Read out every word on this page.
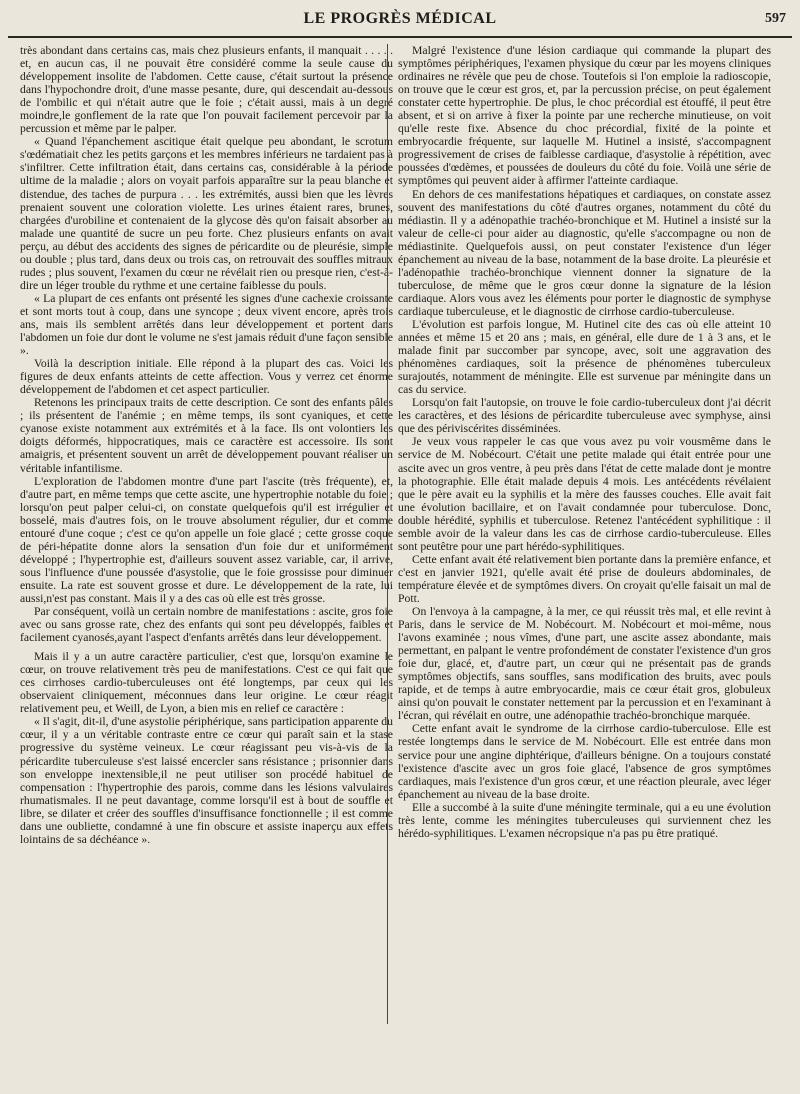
LE PROGRÈS MÉDICAL	597

très abondant dans certains cas, mais chez plusieurs enfants, il manquait . . . . . et, en aucun cas, il ne pouvait être considéré comme la seule cause du développement insolite de l'abdomen. Cette cause, c'était surtout la présence dans l'hypochondre droit, d'une masse pesante, dure, qui descendait au-dessous de l'ombilic et qui n'était autre que le foie ; c'était aussi, mais à un degré moindre,le gonflement de la rate que l'on pouvait facilement percevoir par la percussion et même par le palper.

« Quand l'épanchement ascitique était quelque peu abondant, le scrotum s'œdématiait chez les petits garçons et les membres inférieurs ne tardaient pas à s'infiltrer. Cette infiltration était, dans certains cas, considérable à la période ultime de la maladie ; alors on voyait parfois apparaître sur la peau blanche et distendue, des taches de purpura . . . les extrémités, aussi bien que les lèvres prenaient souvent une coloration violette. Les urines étaient rares, brunes, chargées d'urobiline et contenaient de la glycose dès qu'on faisait absorber au malade une quantité de sucre un peu forte. Chez plusieurs enfants on avait perçu, au début des accidents des signes de péricardite ou de pleurésie, simple ou double ; plus tard, dans deux ou trois cas, on retrouvait des souffles mitraux rudes ; plus souvent, l'examen du cœur ne révélait rien ou presque rien, c'est-à-dire un léger trouble du rythme et une certaine faiblesse du pouls.

« La plupart de ces enfants ont présenté les signes d'une cachexie croissante et sont morts tout à coup, dans une syncope ; deux vivent encore, après trois ans, mais ils semblent arrêtés dans leur développement et portent dans l'abdomen un foie dur dont le volume ne s'est jamais réduit d'une façon sensible ».

Voilà la description initiale. Elle répond à la plupart des cas. Voici les figures de deux enfants atteints de cette affection. Vous y verrez cet énorme développement de l'abdomen et cet aspect particulier.

Retenons les principaux traits de cette description. Ce sont des enfants pâles ; ils présentent de l'anémie ; en même temps, ils sont cyaniques, et cette cyanose existe notamment aux extrémités et à la face. Ils ont volontiers les doigts déformés, hippocratiques, mais ce caractère est accessoire. Ils sont amaigris, et présentent souvent un arrêt de développement pouvant réaliser un véritable infantilisme.

L'exploration de l'abdomen montre d'une part l'ascite (très fréquente), et, d'autre part, en même temps que cette ascite, une hypertrophie notable du foie ; lorsqu'on peut palper celui-ci, on constate quelquefois qu'il est irrégulier et bosselé, mais d'autres fois, on le trouve absolument régulier, dur et comme entouré d'une coque ; c'est ce qu'on appelle un foie glacé ; cette grosse coque de péri-hépatite donne alors la sensation d'un foie dur et uniformément développé ; l'hypertrophie est, d'ailleurs souvent assez variable, car, il arrive, sous l'influence d'une poussée d'asystolie, que le foie grossisse pour diminuer ensuite. La rate est souvent grosse et dure. Le développement de la rate, lui aussi,n'est pas constant. Mais il y a des cas où elle est très grosse.

Par conséquent, voilà un certain nombre de manifestations : ascite, gros foie avec ou sans grosse rate, chez des enfants qui sont peu développés, faibles et facilement cyanosés,ayant l'aspect d'enfants arrêtés dans leur développement.

Mais il y a un autre caractère particulier, c'est que, lorsqu'on examine le cœur, on trouve relativement très peu de manifestations. C'est ce qui fait que ces cirrhoses cardio-tuberculeuses ont été longtemps, par ceux qui les observaient cliniquement, méconnues dans leur origine. Le cœur réagit relativement peu, et Weill, de Lyon, a bien mis en relief ce caractère :

« Il s'agit, dit-il, d'une asystolie périphérique, sans participation apparente du cœur, il y a un véritable contraste entre ce cœur qui paraît sain et la stase progressive du système veineux. Le cœur réagissant peu vis-à-vis de la péricardite tuberculeuse s'est laissé encercler sans résistance ; prisonnier dans son enveloppe inextensible,il ne peut utiliser son procédé habituel de compensation : l'hypertrophie des parois, comme dans les lésions valvulaires rhumatismales. Il ne peut davantage, comme lorsqu'il est à bout de souffle et libre, se dilater et créer des souffles d'insuffisance fonctionnelle ; il est comme dans une oubliette, condamné à une fin obscure et assiste inaperçu aux effets lointains de sa déchéance ».

Malgré l'existence d'une lésion cardiaque qui commande la plupart des symptômes périphériques, l'examen physique du cœur par les moyens cliniques ordinaires ne révèle que peu de chose. Toutefois si l'on emploie la radioscopie, on trouve que le cœur est gros, et, par la percussion précise, on peut également constater cette hypertrophie. De plus, le choc précordial est étouffé, il peut être absent, et si on arrive à fixer la pointe par une recherche minutieuse, on voit qu'elle reste fixe. Absence du choc précordial, fixité de la pointe et embryocardie fréquente, sur laquelle M. Hutinel a insisté, s'accompagnent progressivement de crises de faiblesse cardiaque, d'asystolie à répétition, avec poussées d'œdèmes, et poussées de douleurs du côté du foie. Voilà une série de symptômes qui peuvent aider à affirmer l'atteinte cardiaque.

En dehors de ces manifestations hépatiques et cardiaques, on constate assez souvent des manifestations du côté d'autres organes, notamment du côté du médiastin. Il y a adénopathie trachéo-bronchique et M. Hutinel a insisté sur la valeur de celle-ci pour aider au diagnostic, qu'elle s'accompagne ou non de médiastinite. Quelquefois aussi, on peut constater l'existence d'un léger épanchement au niveau de la base, notamment de la base droite. La pleurésie et l'adénopathie trachéo-bronchique viennent donner la signature de la tuberculose, de même que le gros cœur donne la signature de la lésion cardiaque. Alors vous avez les éléments pour porter le diagnostic de symphyse cardiaque tuberculeuse, et le diagnostic de cirrhose cardio-tuberculeuse.

L'évolution est parfois longue, M. Hutinel cite des cas où elle atteint 10 années et même 15 et 20 ans ; mais, en général, elle dure de 1 à 3 ans, et le malade finit par succomber par syncope, avec, soit une aggravation des phénomènes cardiaques, soit la présence de phénomènes tuberculeux surajoutés, notamment de méningite. Elle est survenue par méningite dans un cas du service.

Lorsqu'on fait l'autopsie, on trouve le foie cardio-tuberculeux dont j'ai décrit les caractères, et des lésions de péricardite tuberculeuse avec symphyse, ainsi que des périviscérites disséminées.

Je veux vous rappeler le cas que vous avez pu voir vousmême dans le service de M. Nobécourt. C'était une petite malade qui était entrée pour une ascite avec un gros ventre, à peu près dans l'état de cette malade dont je montre la photographie. Elle était malade depuis 4 mois. Les antécédents révélaient que le père avait eu la syphilis et la mère des fausses couches. Elle avait fait une évolution bacillaire, et on l'avait condamnée pour tuberculose. Donc, double hérédité, syphilis et tuberculose. Retenez l'antécédent syphilitique : il semble avoir de la valeur dans les cas de cirrhose cardio-tuberculeuse. Elles sont peutêtre pour une part hérédo-syphilitiques.

Cette enfant avait été relativement bien portante dans la première enfance, et c'est en janvier 1921, qu'elle avait été prise de douleurs abdominales, de température élevée et de symptômes divers. On croyait qu'elle faisait un mal de Pott.

On l'envoya à la campagne, à la mer, ce qui réussit très mal, et elle revint à Paris, dans le service de M. Nobécourt. M. Nobécourt et moi-même, nous l'avons examinée ; nous vîmes, d'une part, une ascite assez abondante, mais permettant, en palpant le ventre profondément de constater l'existence d'un gros foie dur, glacé, et, d'autre part, un cœur qui ne présentait pas de grands symptômes objectifs, sans souffles, sans modification des bruits, avec pouls rapide, et de temps à autre embryocardie, mais ce cœur était gros, globuleux ainsi qu'on pouvait le constater nettement par la percussion et en l'examinant à l'écran, qui révélait en outre, une adénopathie trachéo-bronchique marquée.

Cette enfant avait le syndrome de la cirrhose cardio-tuberculose. Elle est restée longtemps dans le service de M. Nobécourt. Elle est entrée dans mon service pour une angine diphtérique, d'ailleurs bénigne. On a toujours constaté l'existence d'ascite avec un gros foie glacé, l'absence de gros symptômes cardiaques, mais l'existence d'un gros cœur, et une réaction pleurale, avec léger épanchement au niveau de la base droite.

Elle a succombé à la suite d'une méningite terminale, qui a eu une évolution très lente, comme les méningites tuberculeuses qui surviennent chez les hérédo-syphilitiques. L'examen nécropsique n'a pas pu être pratiqué.
